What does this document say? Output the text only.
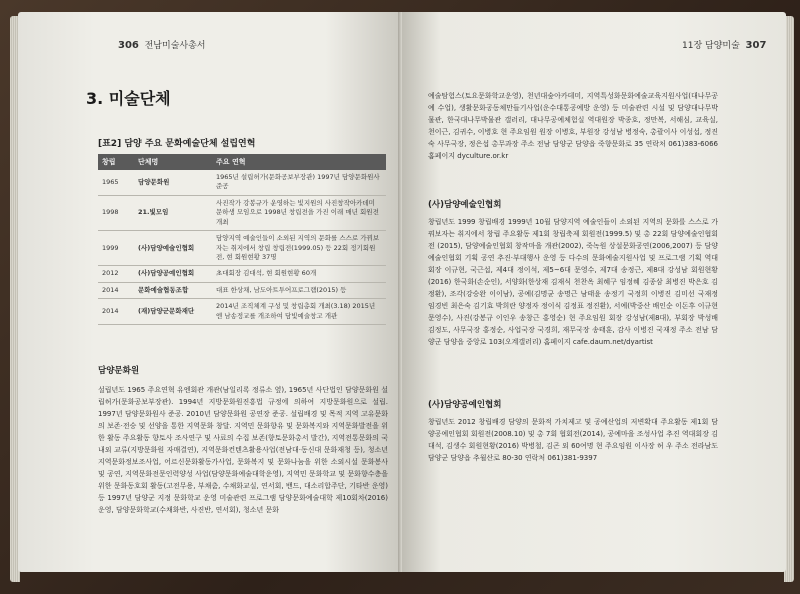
306 전남미술사총서
3. 미술단체
[표2] 담양 주요 문화예술단체 설립연혁
창립	단체명	주요 연혁
1965	담양문화원	1965년 설립허가(문화공보부장관) 1997년 담양문화원사 준공
1998	21.빛모임	사진작가 강봉규가 운영하는 빛지원의 사진창작아카데미 문하생 모임으로 1998년 창립전을 가진 이래 매년 회원전 개최
1999	(사)담양예술인협회	담양지역 예술인들이 소외된 지역의 문화를 스스로 가꿔보자는 취지에서 창립 창립전(1999.05) 등 22회 정기회원전, 현 회원현황 37명
2012	(사)담양공예인협회	초대회장 김대석, 현 회원현황 60개
2014	문화예술협동조합	대표 한상채, 남도아트투어프로그램(2015) 등
2014	(재)담양군문화재단	2014년 조직체계 구성 및 창립총회 개최(3.18) 2015년 엔 남송정교를 개조하여 담빛예술창고 개관
담양문화원

설립년도 1965 주요연혁 유엔회관 개관(남일리록 정류소 옆), 1965년 사단법인 담양문화원 설립허가(문화공보부장관). 1994년 지방문화원진흥법 규정에 의하여 지방문화원으로 설립. 1997년 담양문화원사 준공. 2010년 담양문화원 공연장 준공. 설립배경 및 목적 지역 고유문화의 보존·전승 및 선양을 통한 지역문화 창달. 지역민 문화향유 및 문화복지와 지역문화발전을 위한 활동 주요활동 향토사 조사연구 및 사료의 수집 보존(향토문화총서 발간), 지역전통문화의 국내외 교류(지방문화원 자매결연), 지역문화컨텐츠활용사업(전남대·동신대 문화재청 등), 청소년지역문화정보조사업, 어르신문화활동가사업, 문화복지 및 문화나눔을 위한 소외시설 문화봉사 및 공연, 지역문화전문인력양성 사업(담양문화예술대학운영), 지역민 문화학교 및 문화향수층을 위한 문화동호회 활동(고전무용, 부채춤, 수채화교실, 연서회, 밴드, 대소리합주단, 기타반 운영) 등 1997년 담양군 지정 문화학교 운영 미술관련 프로그램 담양문화예술대학 제10회차(2016) 운영, 담양문화학교(수채화반, 사진반, 연서회), 청소년 문화

11장 담양미술 307

예술탐험스(토요문화학교운영), 천년대숲아카데미, 지역특성화문화예술교육지원사업(대나무공예 수업), 생활문화공동체만들기사업(운수대통공예방 운영) 등 미술관련 시설 및 담양대나무박물관, 한국대나무박물관 갤러리, 대나무공예체험실 역대원장 박종호, 정만복, 서해심, 교육실, 천이근, 김귀수, 이병호 현 주요임원 원장 이병호, 부원장 강성남 병정숙, 총괄이사 이성섭, 정진숙 사무국장, 정은섭 총무과장 주소 전남 담양군 담양읍 죽향문화로 35 연락처 061)383-6066 홈페이지 dyculture.or.kr

(사)담양예술인협회

창립년도 1999 창립배경 1999년 10월 담양지역 예술인들이 소외된 지역의 문화를 스스로 가꿔보자는 취지에서 창립 주요활동 제1회 창립축제 회원전(1999.5) 및 총 22회 담양예술인협회전 (2015), 담양예술인협회 창작마을 개관(2002), 죽녹원 상설문화공연(2006,2007) 등 담양예술인협회 기획 공연 추진·부대행사 운영 등 다수의 문화예술지원사업 및 프로그램 기획 역대회장 이규현, 국근섭, 제4대 정이석, 제5~6대 문영수, 제7대 송정근, 제8대 강성남 회원현황(2016) 한국화(손순인), 서양화(한상재 김재식 천찬옥 최혜구 임정혜 김종삼 최병진 박은호 김정환), 조각(강승완 이이남), 공예(김명균 송명근 남태윤 송정기 국정희 이병진 김미선 국재정 임경빈 최은숙 김기효 박희란 양정자 정이식 김정표 정진환), 서예(박중산 배인순 이돈후 이규현 문영수), 사진(강봉규 이인우 송창근 홍영순) 현 주요임원 회장 강성남(제8대), 부회장 박성배 김정도, 사무국장 홍정순, 사업국장 국경희, 재무국장 송태훈, 감사 이병진 국재정 주소 전남 담양군 담양읍 중앙로 103(오계갤러리) 홈페이지 cafe.daum.net/dyartist

(사)담양공예인협회

창립년도 2012 창립배경 담양의 문화적 가치제고 및 공예산업의 저변확대 주요활동 제1회 담양공예인협회 회원전(2008.10) 및 총 7회 협회전(2014), 공예마을 조성사업 추진 역대회장 김대석, 김생수 회원현황(2016) 박병철, 김곤 외 60여명 현 주요임원 이사장 허 우 주소 전라남도 담양군 담양읍 추월산로 80-30 연락처 061)381-9397
